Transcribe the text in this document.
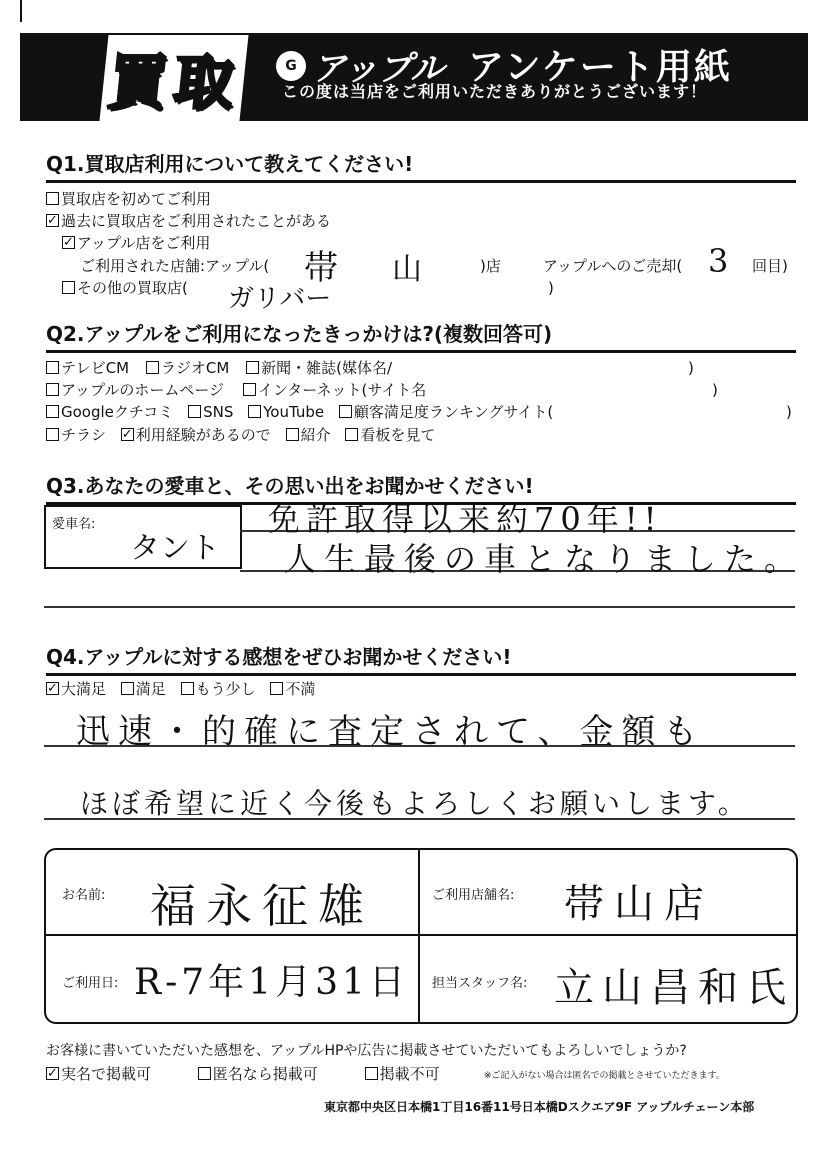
買取	G アップル アンケート用紙
この度は当店をご利用いただきありがとうございます！
Q1.買取店利用について教えてください!
買取店を初めてご利用
✓過去に買取店をご利用されたことがある
✓アップル店をご利用
ご利用された店舗:アップル( 帯 山	)店	アップルへのご売却( 3 回目)
その他の買取店( ガリバー	)
Q2.アップルをご利用になったきっかけは?(複数回答可)
テレビCM ラジオCM 新聞・雑誌(媒体名/	)
アップルのホームページ インターネット(サイト名	)
Googleクチコミ SNS YouTube 顧客満足度ランキングサイト(	)
チラシ ✓ 利用経験があるので 紹介 看板を見て
Q3.あなたの愛車と、その思い出をお聞かせください!
愛車名:
タント
免許取得以来約70年!!
人生最後の車となりました。
Q4.アップルに対する感想をぜひお聞かせください!
✓大満足 満足 もう少し 不満
迅速・的確に査定されて、金額も
ほぼ希望に近く今後もよろしくお願いします。
お名前: 福永征雄	ご利用店舗名: 帯山店
ご利用日: R-7年1月31日 担当スタッフ名: 立山昌和氏
お客様に書いていただいた感想を、アップルHPや広告に掲載させていただいてもよろしいでしょうか?
✓実名で掲載可	匿名なら掲載可	掲載不可	※ご記入がない場合は匿名での掲載とさせていただきます。
東京都中央区日本橋1丁目16番11号日本橋Dスクエア9F アップルチェーン本部
